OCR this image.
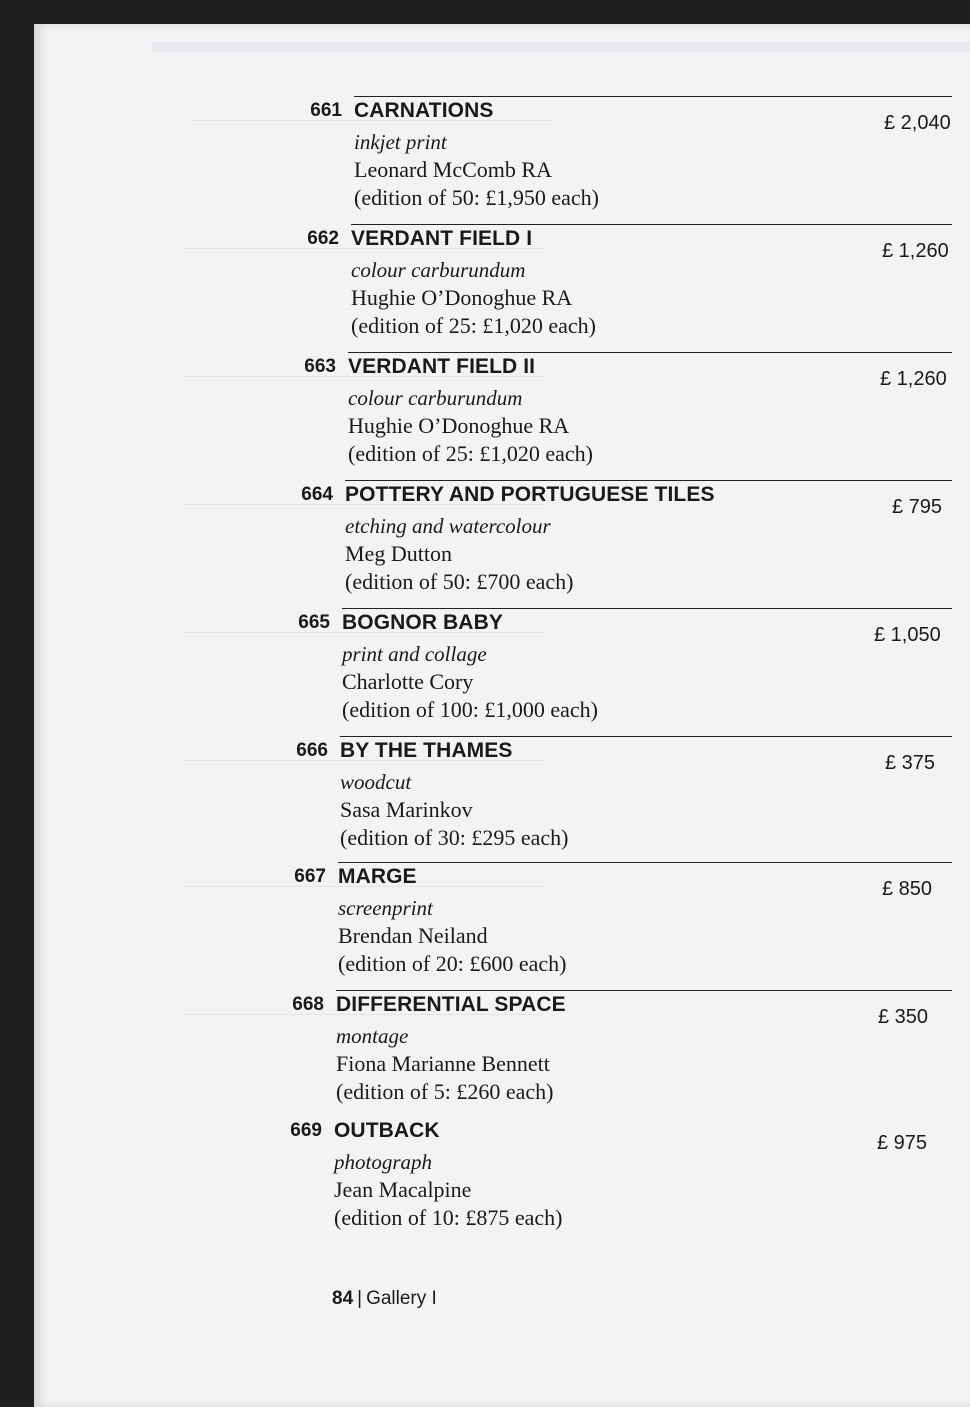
661 CARNATIONS
inkjet print
Leonard McComb RA
(edition of 50: £1,950 each)
£ 2,040
662 VERDANT FIELD I
colour carburundum
Hughie O’Donoghue RA
(edition of 25: £1,020 each)
£ 1,260
663 VERDANT FIELD II
colour carburundum
Hughie O’Donoghue RA
(edition of 25: £1,020 each)
£ 1,260
664 POTTERY AND PORTUGUESE TILES
etching and watercolour
Meg Dutton
(edition of 50: £700 each)
£ 795
665 BOGNOR BABY
print and collage
Charlotte Cory
(edition of 100: £1,000 each)
£ 1,050
666 BY THE THAMES
woodcut
Sasa Marinkov
(edition of 30: £295 each)
£ 375
667 MARGE
screenprint
Brendan Neiland
(edition of 20: £600 each)
£ 850
668 DIFFERENTIAL SPACE
montage
Fiona Marianne Bennett
(edition of 5: £260 each)
£ 350
669 OUTBACK
photograph
Jean Macalpine
(edition of 10: £875 each)
£ 975
84 | Gallery I
